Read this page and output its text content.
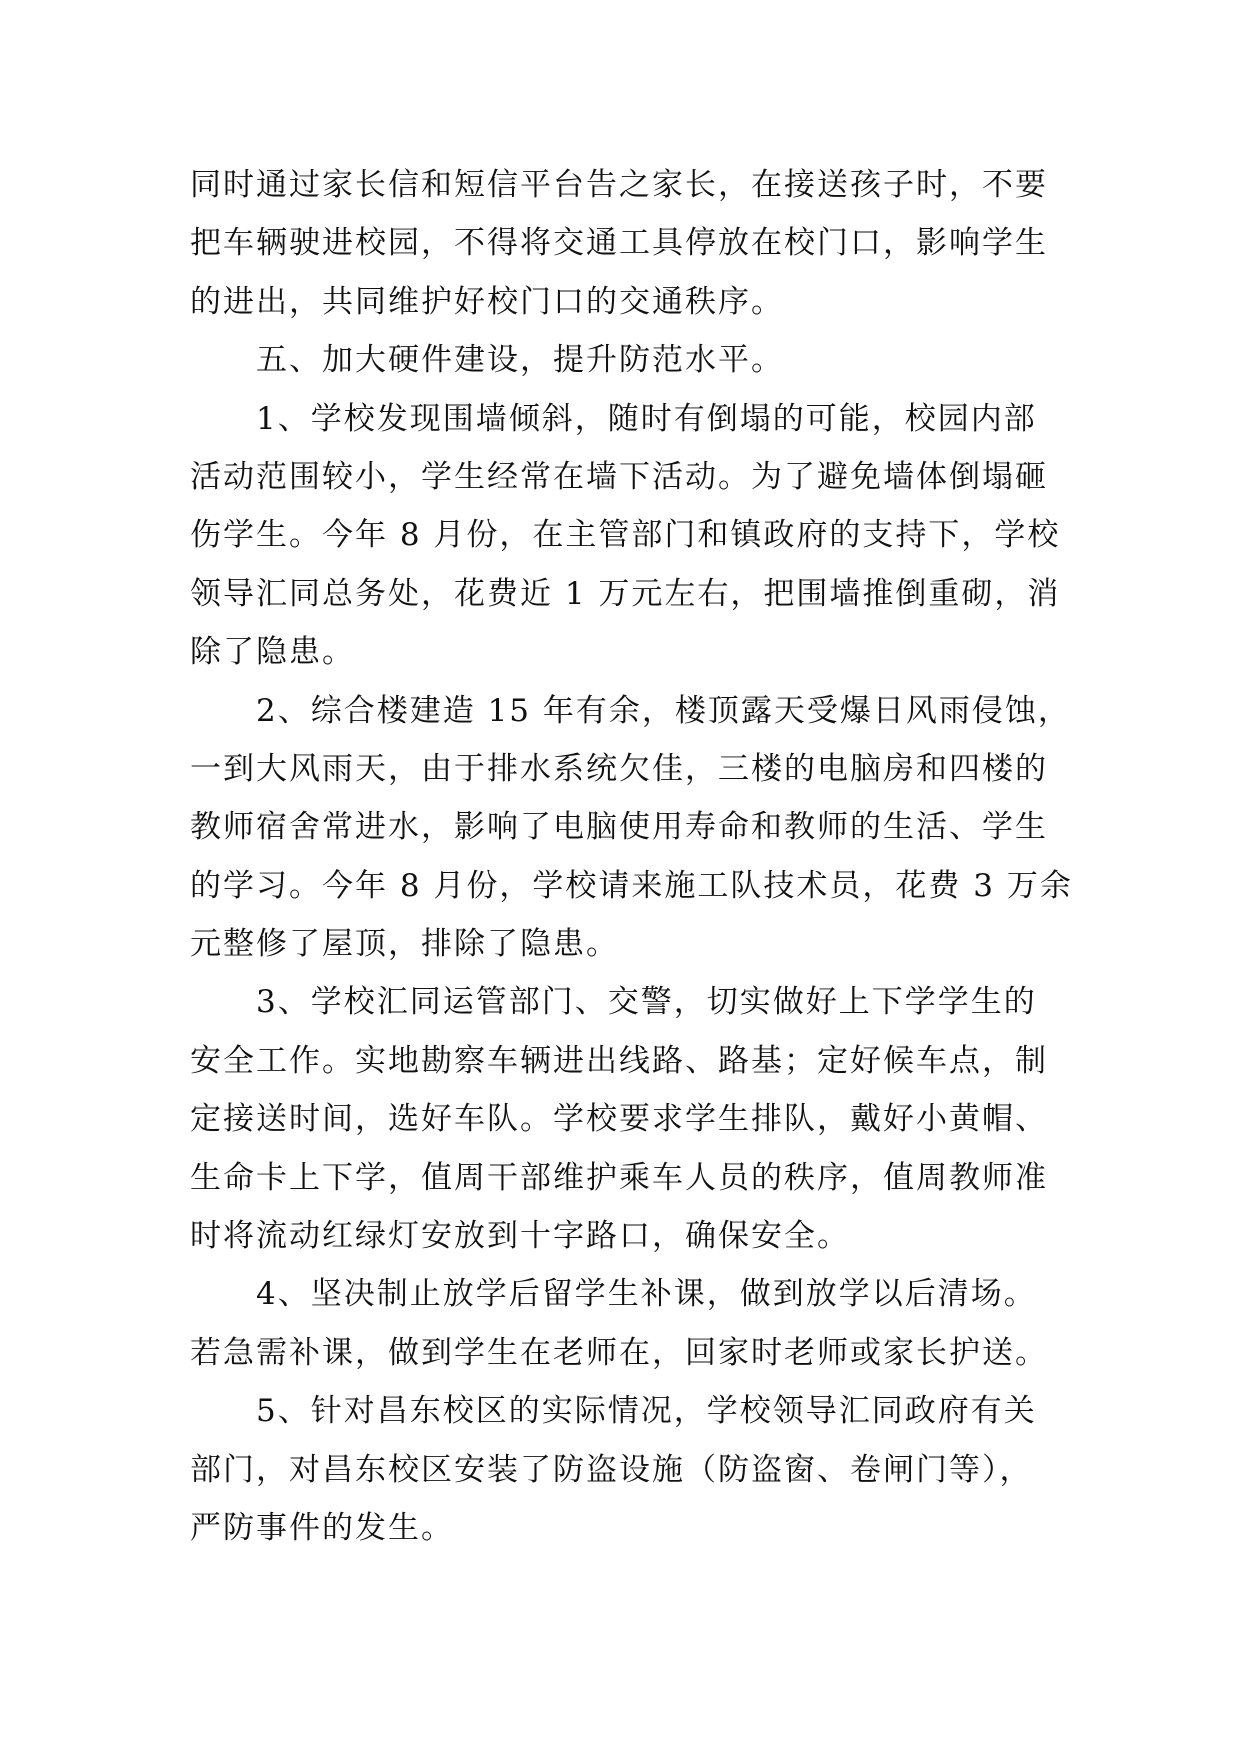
同时通过家长信和短信平台告之家长，在接送孩子时，不要

把车辆驶进校园，不得将交通工具停放在校门口，影响学生

的进出，共同维护好校门口的交通秩序。

五、加大硬件建设，提升防范水平。

1、学校发现围墙倾斜，随时有倒塌的可能，校园内部

活动范围较小，学生经常在墙下活动。为了避免墙体倒塌砸

伤学生。今年 8 月份，在主管部门和镇政府的支持下，学校

领导汇同总务处，花费近 1 万元左右，把围墙推倒重砌，消

除了隐患。

2、综合楼建造 15 年有余，楼顶露天受爆日风雨侵蚀，

一到大风雨天，由于排水系统欠佳，三楼的电脑房和四楼的

教师宿舍常进水，影响了电脑使用寿命和教师的生活、学生

的学习。今年 8 月份，学校请来施工队技术员，花费 3 万余

元整修了屋顶，排除了隐患。

3、学校汇同运管部门、交警，切实做好上下学学生的

安全工作。实地勘察车辆进出线路、路基；定好候车点，制

定接送时间，选好车队。学校要求学生排队，戴好小黄帽、

生命卡上下学，值周干部维护乘车人员的秩序，值周教师准

时将流动红绿灯安放到十字路口，确保安全。

4、坚决制止放学后留学生补课，做到放学以后清场。

若急需补课，做到学生在老师在，回家时老师或家长护送。

5、针对昌东校区的实际情况，学校领导汇同政府有关

部门，对昌东校区安装了防盗设施（防盗窗、卷闸门等），

严防事件的发生。
